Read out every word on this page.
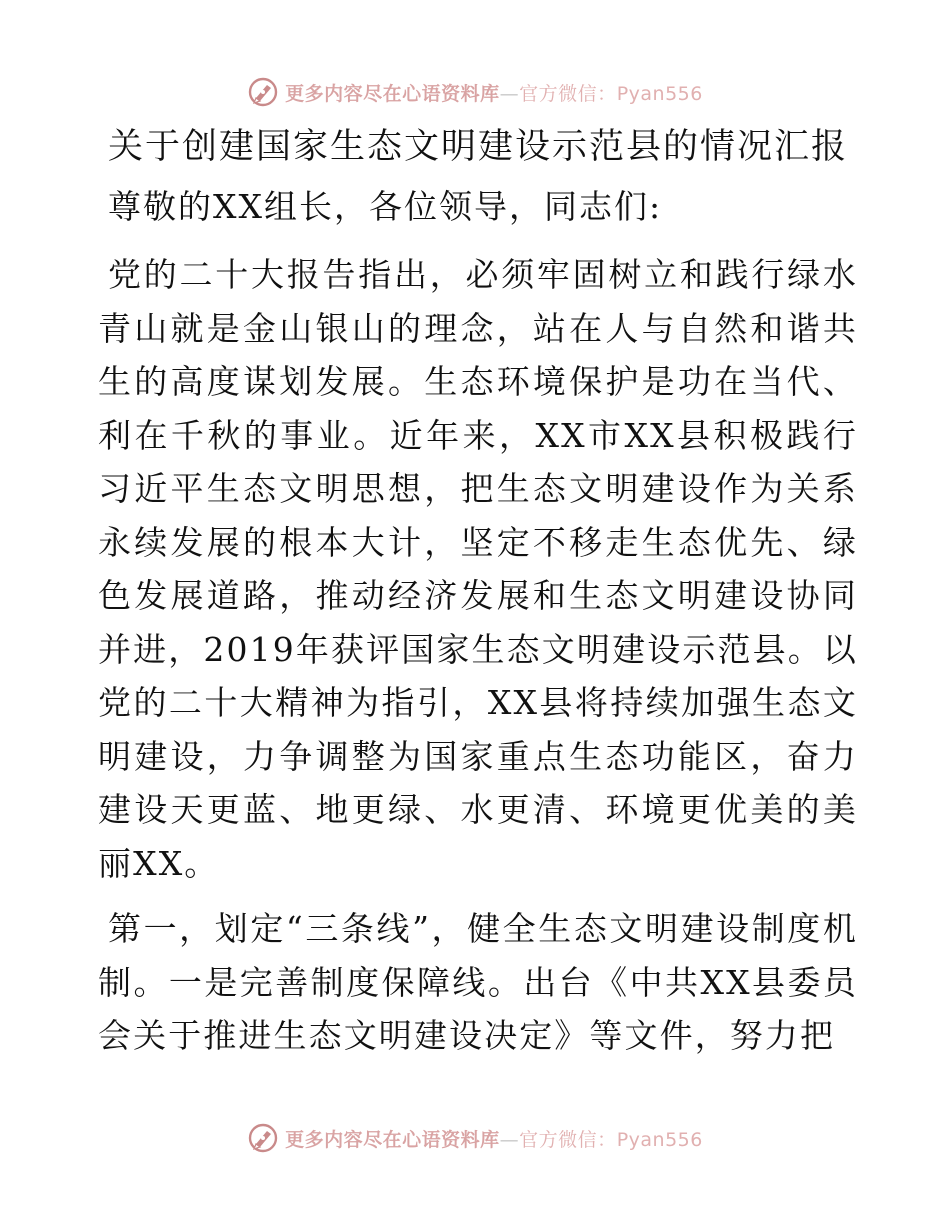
更多内容尽在心语资料库—官方微信：Pyan556
关于创建国家生态文明建设示范县的情况汇报
尊敬的XX组长，各位领导，同志们:

党的二十大报告指出，必须牢固树立和践行绿水青山就是金山银山的理念，站在人与自然和谐共生的高度谋划发展。生态环境保护是功在当代、利在千秋的事业。近年来，XX市XX县积极践行习近平生态文明思想，把生态文明建设作为关系永续发展的根本大计，坚定不移走生态优先、绿色发展道路，推动经济发展和生态文明建设协同并进，2019年获评国家生态文明建设示范县。以党的二十大精神为指引，XX县将持续加强生态文明建设，力争调整为国家重点生态功能区，奋力建设天更蓝、地更绿、水更清、环境更优美的美丽XX。

第一，划定“三条线”，健全生态文明建设制度机制。一是完善制度保障线。出台《中共XX县委员会关于推进生态文明建设决定》等文件，努力把

更多内容尽在心语资料库—官方微信：Pyan556
